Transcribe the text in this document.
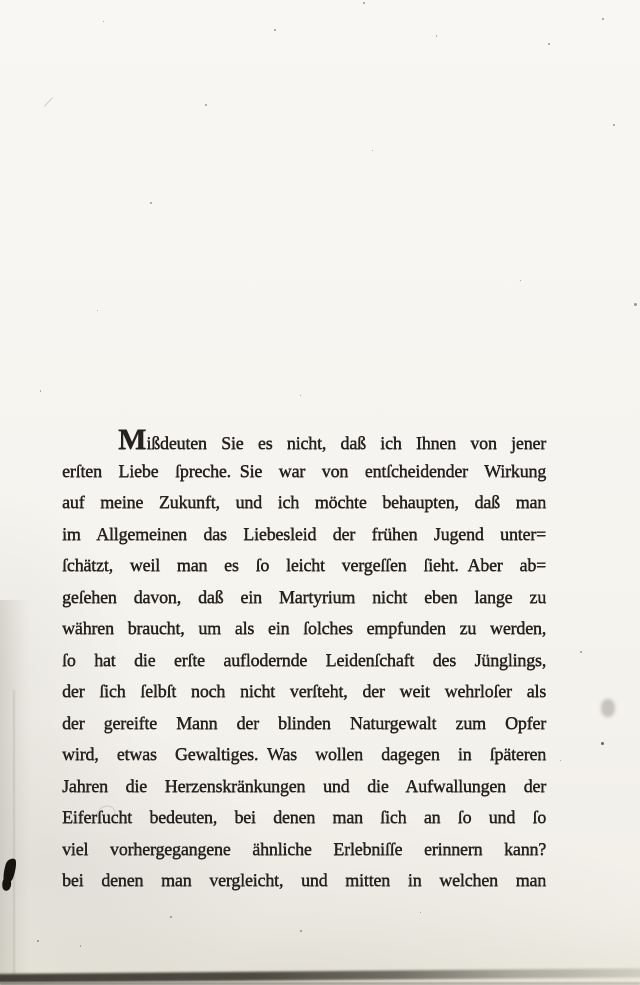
Mißdeuten Sie es nicht, daß ich Ihnen von jener
erſten Liebe ſpreche. Sie war von entſcheidender Wirkung
auf meine Zukunft, und ich möchte behaupten, daß man
im Allgemeinen das Liebesleid der frühen Jugend unter=
ſchätzt, weil man es ſo leicht vergeſſen ſieht. Aber ab=
geſehen davon, daß ein Martyrium nicht eben lange zu
währen braucht, um als ein ſolches empfunden zu werden,
ſo hat die erſte auflodernde Leidenſchaft des Jünglings,
der ſich ſelbſt noch nicht verſteht, der weit wehrloſer als
der gereifte Mann der blinden Naturgewalt zum Opfer
wird, etwas Gewaltiges. Was wollen dagegen in ſpäteren
Jahren die Herzenskränkungen und die Aufwallungen der
Eiferſucht bedeuten, bei denen man ſich an ſo und ſo
viel vorhergegangene ähnliche Erlebniſſe erinnern kann?
bei denen man vergleicht, und mitten in welchen man
